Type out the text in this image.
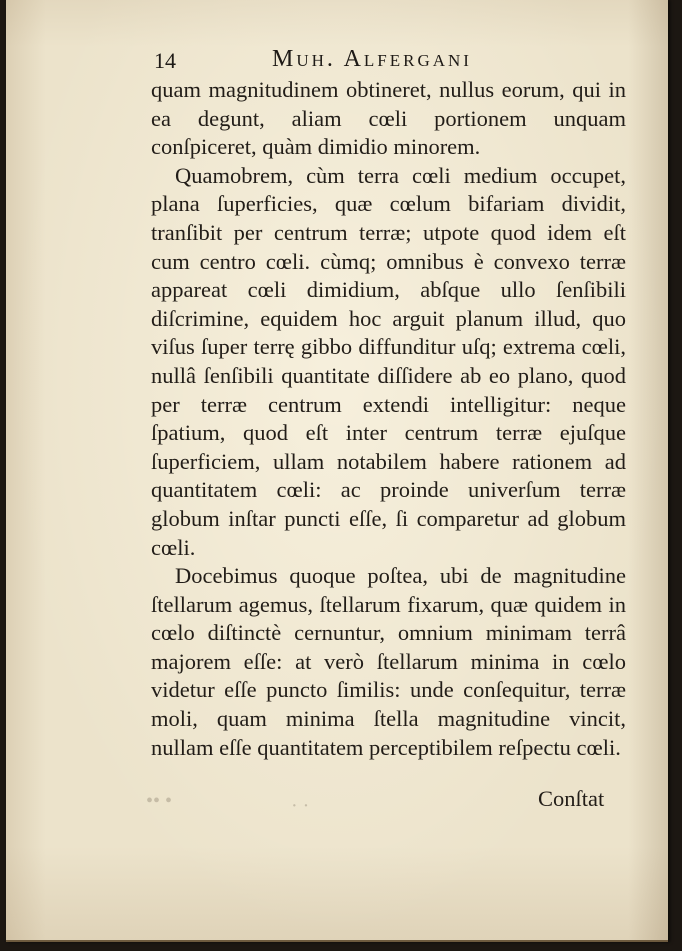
14	Muh. Alfergani

quam magnitudinem obtineret, nullus eorum, qui in ea degunt, aliam cœli portionem unquam conſpiceret, quàm dimidio minorem.

Quamobrem, cùm terra cœli medium occupet, plana ſuperficies, quæ cœlum bifariam dividit, tranſibit per centrum terræ; utpote quod idem eſt cum centro cœli. cùmq; omnibus è convexo terræ appareat cœli dimidium, abſque ullo ſenſibili diſcrimine, equidem hoc arguit planum illud, quo viſus ſuper terrę gibbo diffunditur uſq; extrema cœli, nullâ ſenſibili quantitate diſſidere ab eo plano, quod per terræ centrum extendi intelligitur: neque ſpatium, quod eſt inter centrum terræ ejuſque ſuperficiem, ullam notabilem habere rationem ad quantitatem cœli: ac proinde univerſum terræ globum inſtar puncti eſſe, ſi comparetur ad globum cœli.

Docebimus quoque poſtea, ubi de magnitudine ſtellarum agemus, ſtellarum fixarum, quæ quidem in cœlo diſtinctè cernuntur, omnium minimam terrâ majorem eſſe: at verò ſtellarum minima in cœlo videtur eſſe puncto ſimilis: unde conſequitur, terræ moli, quam minima ſtella magnitudine vincit, nullam eſſe quantitatem perceptibilem reſpectu cœli.

Conſtat
•• •	· ·
